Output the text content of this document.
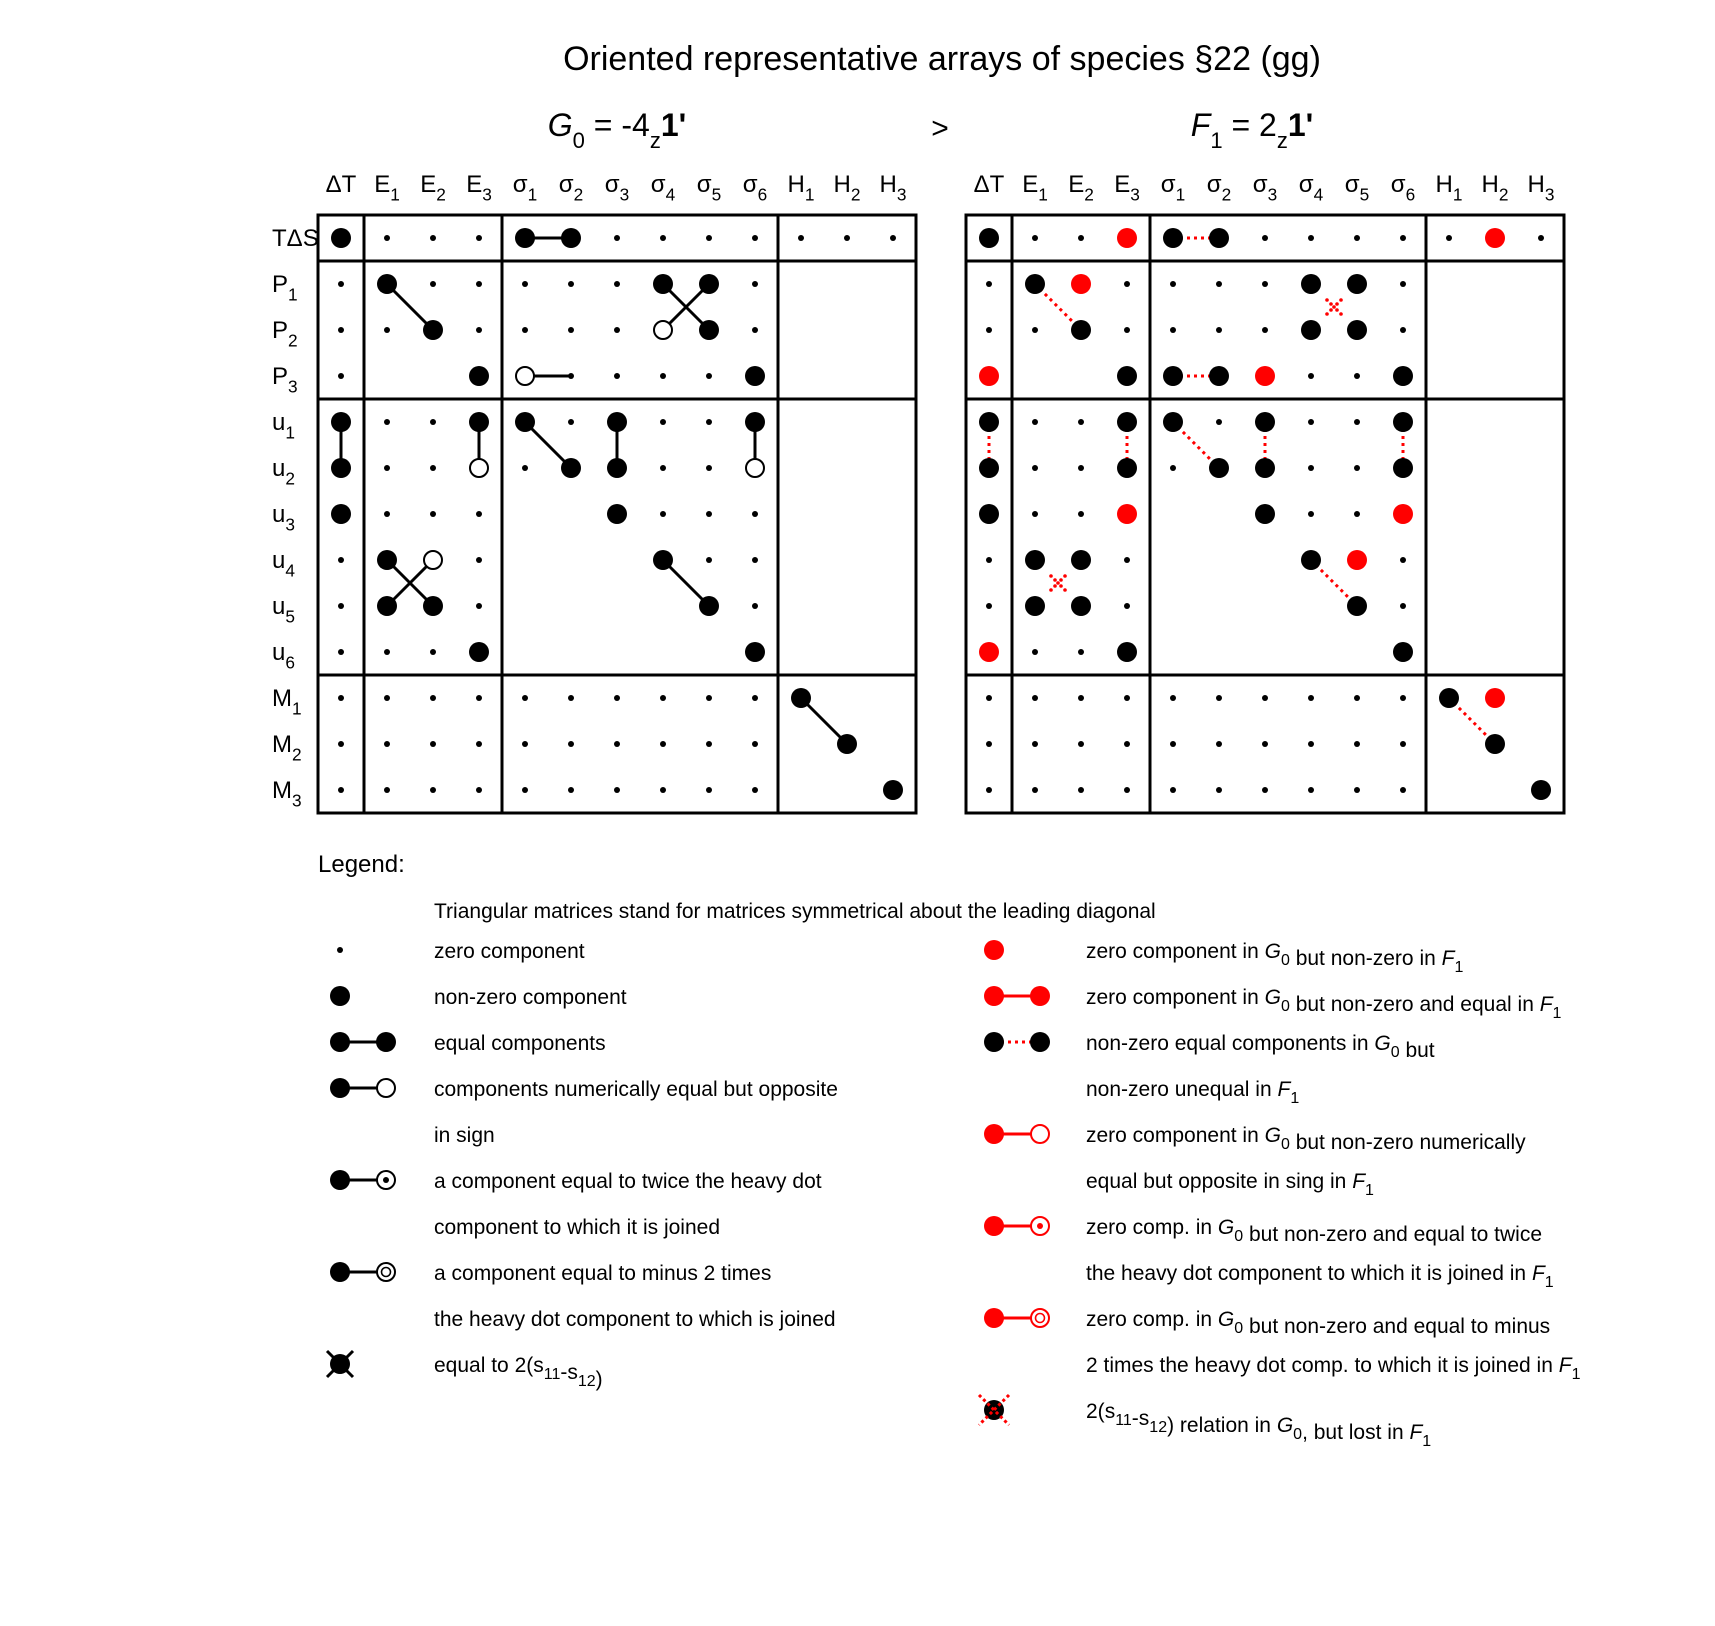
Oriented representative arrays of species §22 (gg)
$G_0 = -4_z1'$	$F_1 = 2_z1'$
>
ΔT $E_1$ $E_2$ $E_3$ $\sigma_1$ $\sigma_2$ $\sigma_3$ $\sigma_4$ $\sigma_5$ $\sigma_6$ $H_1$ $H_2$ $H_3$
TΔS
$P_1$
$P_2$
$P_3$
$u_1$
$u_2$
$u_3$
$u_4$
$u_5$
$u_6$
$M_1$
$M_2$
$M_3$
ΔT $E_1$ $E_2$ $E_3$ $\sigma_1$ $\sigma_2$ $\sigma_3$ $\sigma_4$ $\sigma_5$ $\sigma_6$ $H_1$ $H_2$ $H_3$
Legend:
Triangular matrices stand for matrices symmetrical about the leading diagonal
zero component
non-zero component
equal components
components numerically equal but opposite
in sign
a component equal to twice the heavy dot
component to which it is joined
a component equal to minus 2 times
the heavy dot component to which is joined
equal to $2(s_{11}-s_{12})$
zero component in $G_0$ but non-zero in $F_1$
zero component in $G_0$ but non-zero and equal in $F_1$
non-zero equal components in $G_0$ but
non-zero unequal in $F_1$
zero component in $G_0$ but non-zero numerically
equal but opposite in sing in $F_1$
zero comp. in $G_0$ but non-zero and equal to twice
the heavy dot component to which it is joined in $F_1$
zero comp. in $G_0$ but non-zero and equal to minus
2 times the heavy dot comp. to which it is joined in $F_1$
$2(s_{11}-s_{12})$ relation in $G_0$, but lost in $F_1$
